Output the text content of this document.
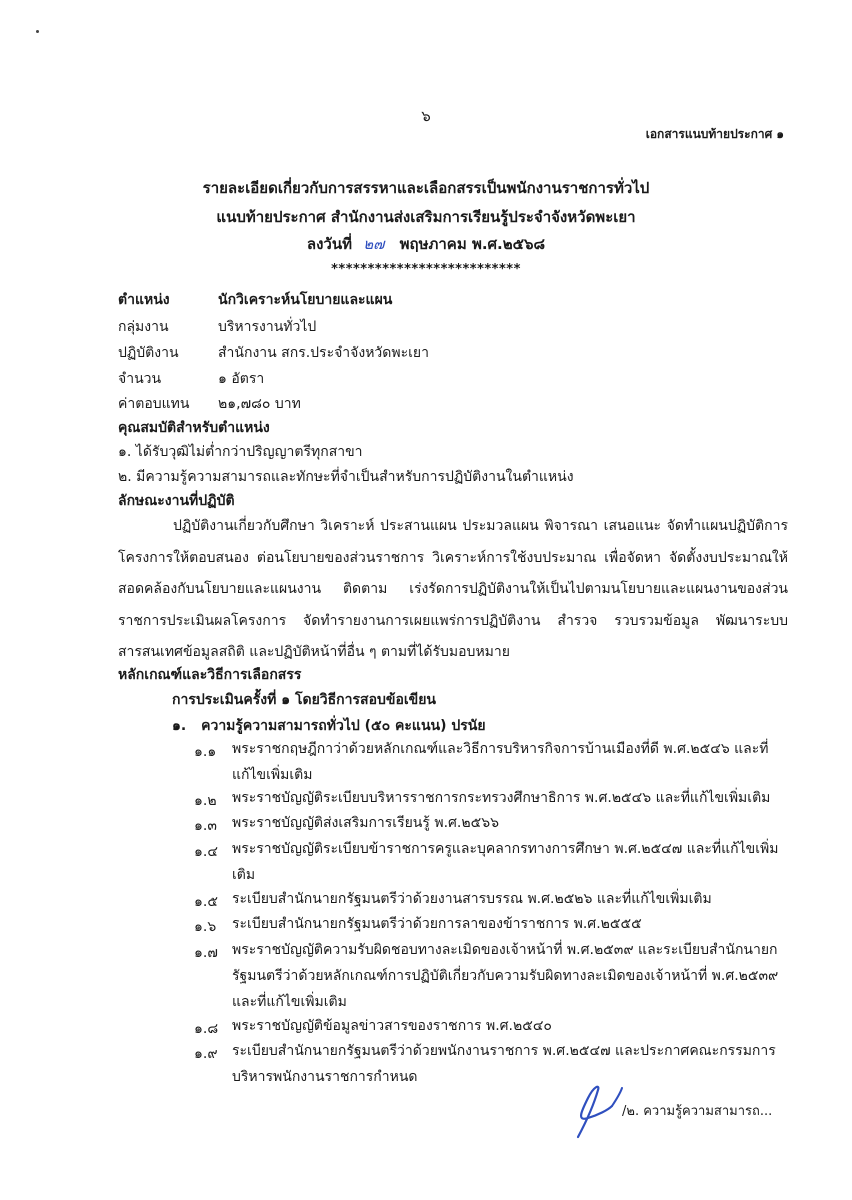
๖
เอกสารแนบท้ายประกาศ ๑
รายละเอียดเกี่ยวกับการสรรหาและเลือกสรรเป็นพนักงานราชการทั่วไป
แนบท้ายประกาศ สำนักงานส่งเสริมการเรียนรู้ประจำจังหวัดพะเยา
ลงวันที่ ๒๗ พฤษภาคม พ.ศ.๒๕๖๘
**************************
ตำแหน่ง	นักวิเคราะห์นโยบายและแผน
กลุ่มงาน	บริหารงานทั่วไป
ปฏิบัติงาน	สำนักงาน สกร.ประจำจังหวัดพะเยา
จำนวน	๑ อัตรา
ค่าตอบแทน ๒๑,๗๘๐ บาท
คุณสมบัติสำหรับตำแหน่ง
๑. ได้รับวุฒิไม่ต่ำกว่าปริญญาตรีทุกสาขา
๒. มีความรู้ความสามารถและทักษะที่จำเป็นสำหรับการปฏิบัติงานในตำแหน่ง
ลักษณะงานที่ปฏิบัติ

ปฏิบัติงานเกี่ยวกับศึกษา วิเคราะห์ ประสานแผน ประมวลแผน พิจารณา เสนอแนะ จัดทำแผนปฏิบัติการ โครงการให้ตอบสนอง ต่อนโยบายของส่วนราชการ วิเคราะห์การใช้งบประมาณ เพื่อจัดหา จัดตั้งงบประมาณให้สอดคล้องกับนโยบายและแผนงาน ติดตาม เร่งรัดการปฏิบัติงานให้เป็นไปตามนโยบายและแผนงานของส่วนราชการประเมินผลโครงการ จัดทำรายงานการเผยแพร่การปฏิบัติงาน สำรวจ รวบรวมข้อมูล พัฒนาระบบสารสนเทศข้อมูลสถิติ และปฏิบัติหน้าที่อื่น ๆ ตามที่ได้รับมอบหมาย

หลักเกณฑ์และวิธีการเลือกสรร
การประเมินครั้งที่ ๑ โดยวิธีการสอบข้อเขียน
๑. ความรู้ความสามารถทั่วไป (๕๐ คะแนน) ปรนัย
๑.๑ พระราชกฤษฎีกาว่าด้วยหลักเกณฑ์และวิธีการบริหารกิจการบ้านเมืองที่ดี พ.ศ.๒๕๔๖ และที่แก้ไขเพิ่มเติม
๑.๒ พระราชบัญญัติระเบียบบริหารราชการกระทรวงศึกษาธิการ พ.ศ.๒๕๔๖ และที่แก้ไขเพิ่มเติม
๑.๓ พระราชบัญญัติส่งเสริมการเรียนรู้ พ.ศ.๒๕๖๖
๑.๔ พระราชบัญญัติระเบียบข้าราชการครูและบุคลากรทางการศึกษา พ.ศ.๒๕๔๗ และที่แก้ไขเพิ่มเติม
๑.๕ ระเบียบสำนักนายกรัฐมนตรีว่าด้วยงานสารบรรณ พ.ศ.๒๕๒๖ และที่แก้ไขเพิ่มเติม
๑.๖ ระเบียบสำนักนายกรัฐมนตรีว่าด้วยการลาของข้าราชการ พ.ศ.๒๕๕๕
๑.๗ พระราชบัญญัติความรับผิดชอบทางละเมิดของเจ้าหน้าที่ พ.ศ.๒๕๓๙ และระเบียบสำนักนายกรัฐมนตรีว่าด้วยหลักเกณฑ์การปฏิบัติเกี่ยวกับความรับผิดทางละเมิดของเจ้าหน้าที่ พ.ศ.๒๕๓๙ และที่แก้ไขเพิ่มเติม
๑.๘ พระราชบัญญัติข้อมูลข่าวสารของราชการ พ.ศ.๒๕๔๐
๑.๙ ระเบียบสำนักนายกรัฐมนตรีว่าด้วยพนักงานราชการ พ.ศ.๒๕๔๗ และประกาศคณะกรรมการบริหารพนักงานราชการกำหนด
/๒. ความรู้ความสามารถ...
